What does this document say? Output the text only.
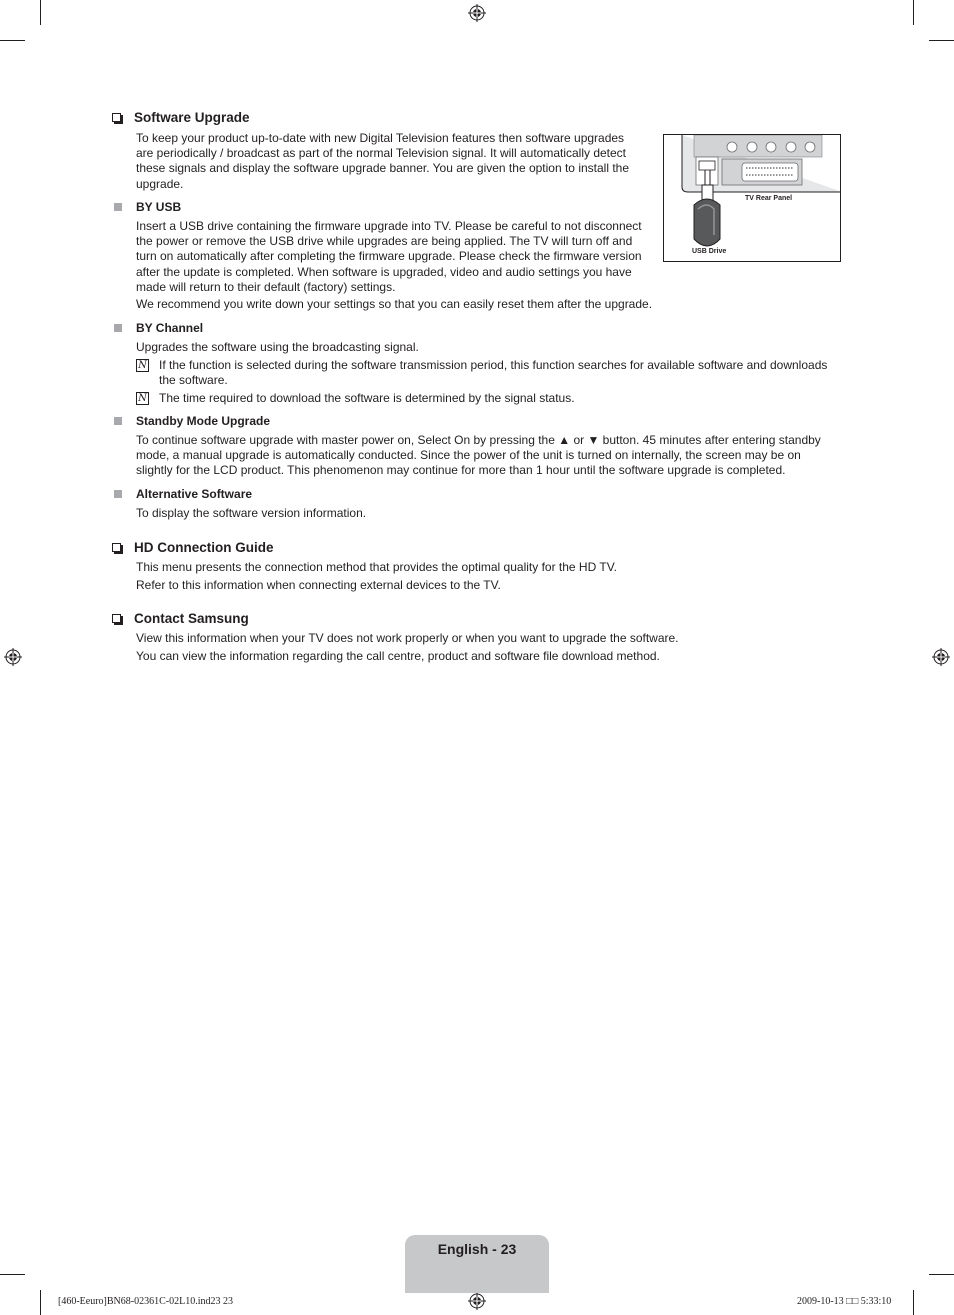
Software Upgrade
To keep your product up-to-date with new Digital Television features then software upgrades
are periodically / broadcast as part of the normal Television signal. It will automatically detect
these signals and display the software upgrade banner. You are given the option to install the
upgrade.
TV Rear Panel
USB Drive
BY USB
Insert a USB drive containing the firmware upgrade into TV. Please be careful to not disconnect
the power or remove the USB drive while upgrades are being applied. The TV will turn off and
turn on automatically after completing the firmware upgrade. Please check the firmware version
after the update is completed. When software is upgraded, video and audio settings you have
made will return to their default (factory) settings.
We recommend you write down your settings so that you can easily reset them after the upgrade.
BY Channel
Upgrades the software using the broadcasting signal.
N If the function is selected during the software transmission period, this function searches for available software and downloads
the software.
N The time required to download the software is determined by the signal status.
Standby Mode Upgrade
To continue software upgrade with master power on, Select On by pressing the ▲ or ▼ button. 45 minutes after entering standby
mode, a manual upgrade is automatically conducted. Since the power of the unit is turned on internally, the screen may be on
slightly for the LCD product. This phenomenon may continue for more than 1 hour until the software upgrade is completed.
Alternative Software
To display the software version information.
HD Connection Guide
This menu presents the connection method that provides the optimal quality for the HD TV.
Refer to this information when connecting external devices to the TV.
Contact Samsung
View this information when your TV does not work properly or when you want to upgrade the software.
You can view the information regarding the call centre, product and software file download method.
English - 23
[460-Eeuro]BN68-02361C-02L10.ind23 23	2009-10-13 □□ 5:33:10
